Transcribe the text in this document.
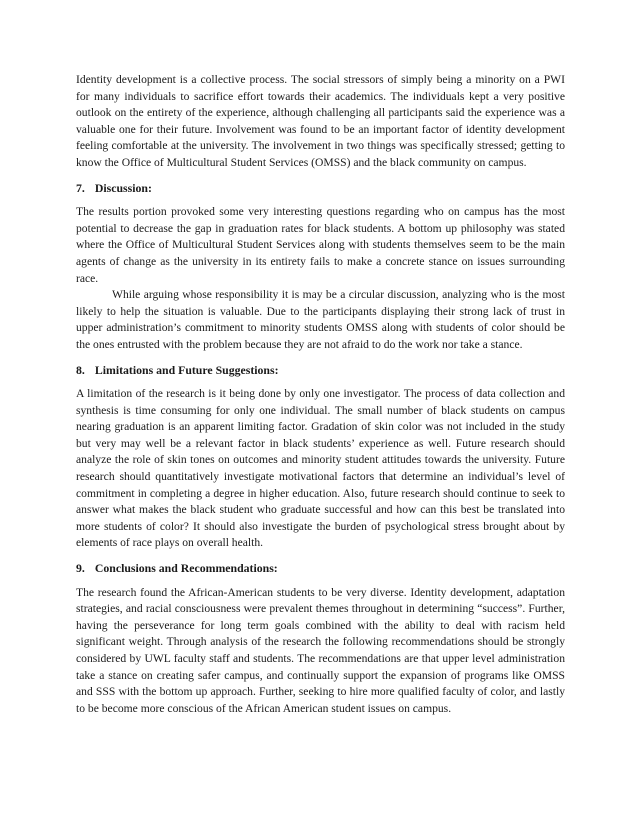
Identity development is a collective process. The social stressors of simply being a minority on a PWI for many individuals to sacrifice effort towards their academics. The individuals kept a very positive outlook on the entirety of the experience, although challenging all participants said the experience was a valuable one for their future. Involvement was found to be an important factor of identity development feeling comfortable at the university. The involvement in two things was specifically stressed; getting to know the Office of Multicultural Student Services (OMSS) and the black community on campus.

7. Discussion:

The results portion provoked some very interesting questions regarding who on campus has the most potential to decrease the gap in graduation rates for black students. A bottom up philosophy was stated where the Office of Multicultural Student Services along with students themselves seem to be the main agents of change as the university in its entirety fails to make a concrete stance on issues surrounding race.

While arguing whose responsibility it is may be a circular discussion, analyzing who is the most likely to help the situation is valuable. Due to the participants displaying their strong lack of trust in upper administration’s commitment to minority students OMSS along with students of color should be the ones entrusted with the problem because they are not afraid to do the work nor take a stance.

8. Limitations and Future Suggestions:

A limitation of the research is it being done by only one investigator. The process of data collection and synthesis is time consuming for only one individual. The small number of black students on campus nearing graduation is an apparent limiting factor. Gradation of skin color was not included in the study but very may well be a relevant factor in black students’ experience as well. Future research should analyze the role of skin tones on outcomes and minority student attitudes towards the university. Future research should quantitatively investigate motivational factors that determine an individual’s level of commitment in completing a degree in higher education. Also, future research should continue to seek to answer what makes the black student who graduate successful and how can this best be translated into more students of color? It should also investigate the burden of psychological stress brought about by elements of race plays on overall health.

9. Conclusions and Recommendations:

The research found the African-American students to be very diverse. Identity development, adaptation strategies, and racial consciousness were prevalent themes throughout in determining “success”. Further, having the perseverance for long term goals combined with the ability to deal with racism held significant weight. Through analysis of the research the following recommendations should be strongly considered by UWL faculty staff and students. The recommendations are that upper level administration take a stance on creating safer campus, and continually support the expansion of programs like OMSS and SSS with the bottom up approach. Further, seeking to hire more qualified faculty of color, and lastly to be become more conscious of the African American student issues on campus.
